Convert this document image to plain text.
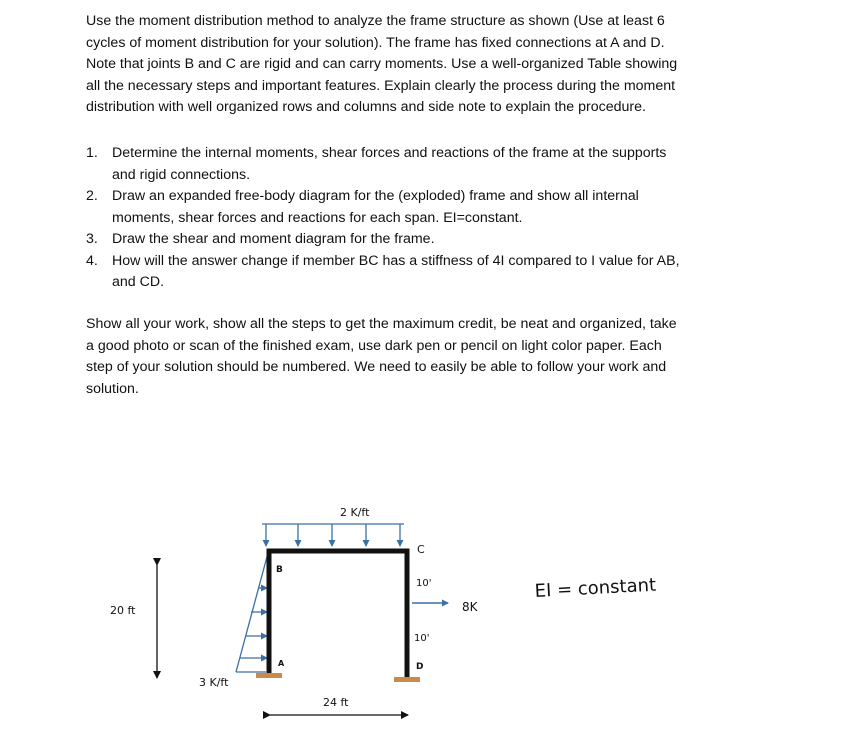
Use the moment distribution method to analyze the frame structure as shown (Use at least 6
cycles of moment distribution for your solution). The frame has fixed connections at A and D.
Note that joints B and C are rigid and can carry moments. Use a well-organized Table showing
all the necessary steps and important features. Explain clearly the process during the moment
distribution with well organized rows and columns and side note to explain the procedure.
1. Determine the internal moments, shear forces and reactions of the frame at the supports
and rigid connections.
2. Draw an expanded free-body diagram for the (exploded) frame and show all internal
moments, shear forces and reactions for each span. EI=constant.
3. Draw the shear and moment diagram for the frame.
4. How will the answer change if member BC has a stiffness of 4I compared to I value for AB,
and CD.
Show all your work, show all the steps to get the maximum credit, be neat and organized, take
a good photo or scan of the finished exam, use dark pen or pencil on light color paper. Each
step of your solution should be numbered. We need to easily be able to follow your work and
solution.
2 K/ft
3 K/ft
B
C
A	D
10'
10'
8K
EI = constant
20 ft
24 ft
